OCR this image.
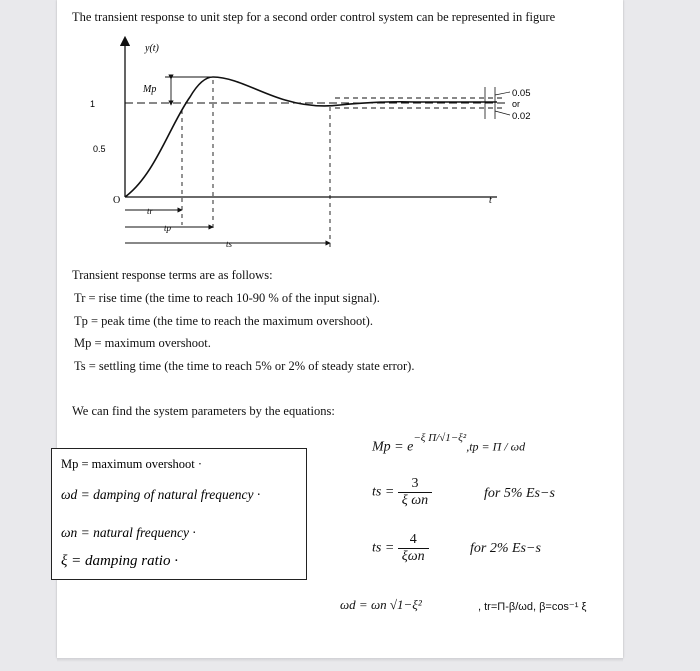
The transient response to unit step for a second order control system can be represented in figure
y(t)
t
O
1
0.5
Mp
tr
tp
ts
0.05
or
0.02
Transient response terms are as follows:
Tr = rise time (the time to reach 10-90 % of the input signal).
Tp = peak time (the time to reach the maximum overshoot).
Mp = maximum overshoot.
Ts = settling time (the time to reach 5% or 2% of steady state error).
We can find the system parameters by the equations:
Mp = maximum overshoot ·
ωd = damping of natural frequency ·
ωn = natural frequency ·
ξ = damping ratio ·
$Mp = e^{-\xi \Pi/√1-\xi^2},tp = \Pi / \omega d$
ts = $\frac{3}{\text{ξ ωn}}$	for 5% Es−s
ts = $\frac{4}{\text{ξωn}}$	for 2% Es−s
ωd = ωn √1−ξ²	, tr=Π-β/ωd, β=cos⁻¹ ξ
